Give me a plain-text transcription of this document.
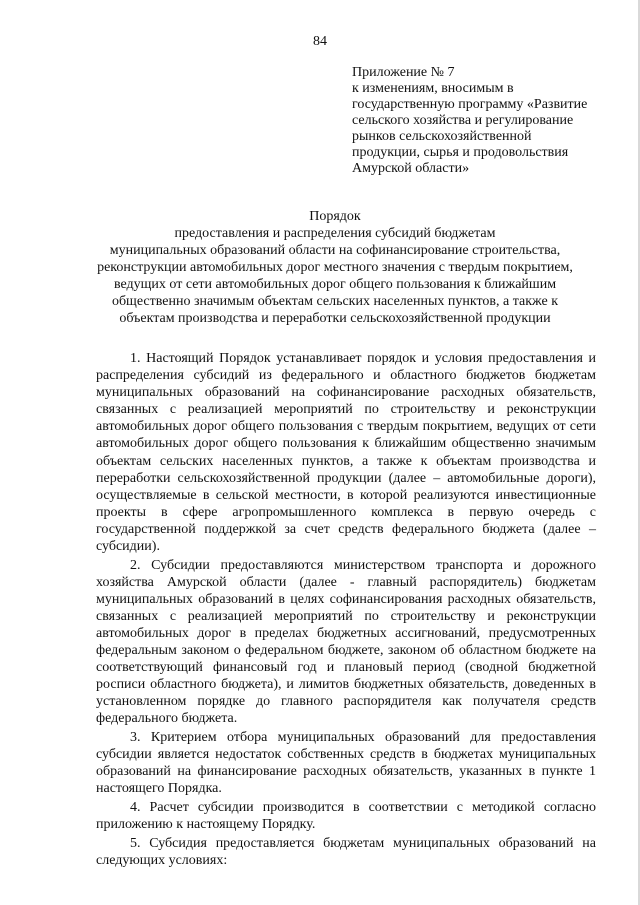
84
Приложение № 7
к изменениям, вносимым в
государственную программу «Развитие
сельского хозяйства и регулирование
рынков сельскохозяйственной
продукции, сырья и продовольствия
Амурской области»
Порядок
предоставления и распределения субсидий бюджетам
муниципальных образований области на софинансирование строительства,
реконструкции автомобильных дорог местного значения с твердым покрытием,
ведущих от сети автомобильных дорог общего пользования к ближайшим
общественно значимым объектам сельских населенных пунктов, а также к
объектам производства и переработки сельскохозяйственной продукции
1. Настоящий Порядок устанавливает порядок и условия предоставления и
распределения субсидий из федерального и областного бюджетов бюджетам
муниципальных образований на софинансирование расходных обязательств,
связанных с реализацией мероприятий по строительству и реконструкции
автомобильных дорог общего пользования с твердым покрытием, ведущих от сети
автомобильных дорог общего пользования к ближайшим общественно значимым
объектам сельских населенных пунктов, а также к объектам производства и
переработки сельскохозяйственной продукции (далее – автомобильные дороги),
осуществляемые в сельской местности, в которой реализуются инвестиционные
проекты в сфере агропромышленного комплекса в первую очередь с
государственной поддержкой за счет средств федерального бюджета (далее –
субсидии).
2. Субсидии предоставляются министерством транспорта и дорожного
хозяйства Амурской области (далее - главный распорядитель) бюджетам
муниципальных образований в целях софинансирования расходных обязательств,
связанных с реализацией мероприятий по строительству и реконструкции
автомобильных дорог в пределах бюджетных ассигнований, предусмотренных
федеральным законом о федеральном бюджете, законом об областном бюджете на
соответствующий финансовый год и плановый период (сводной бюджетной
росписи областного бюджета), и лимитов бюджетных обязательств, доведенных в
установленном порядке до главного распорядителя как получателя средств
федерального бюджета.
3. Критерием отбора муниципальных образований для предоставления
субсидии является недостаток собственных средств в бюджетах муниципальных
образований на финансирование расходных обязательств, указанных в пункте 1
настоящего Порядка.
4. Расчет субсидии производится в соответствии с методикой согласно
приложению к настоящему Порядку.
5. Субсидия предоставляется бюджетам муниципальных образований на
следующих условиях:
